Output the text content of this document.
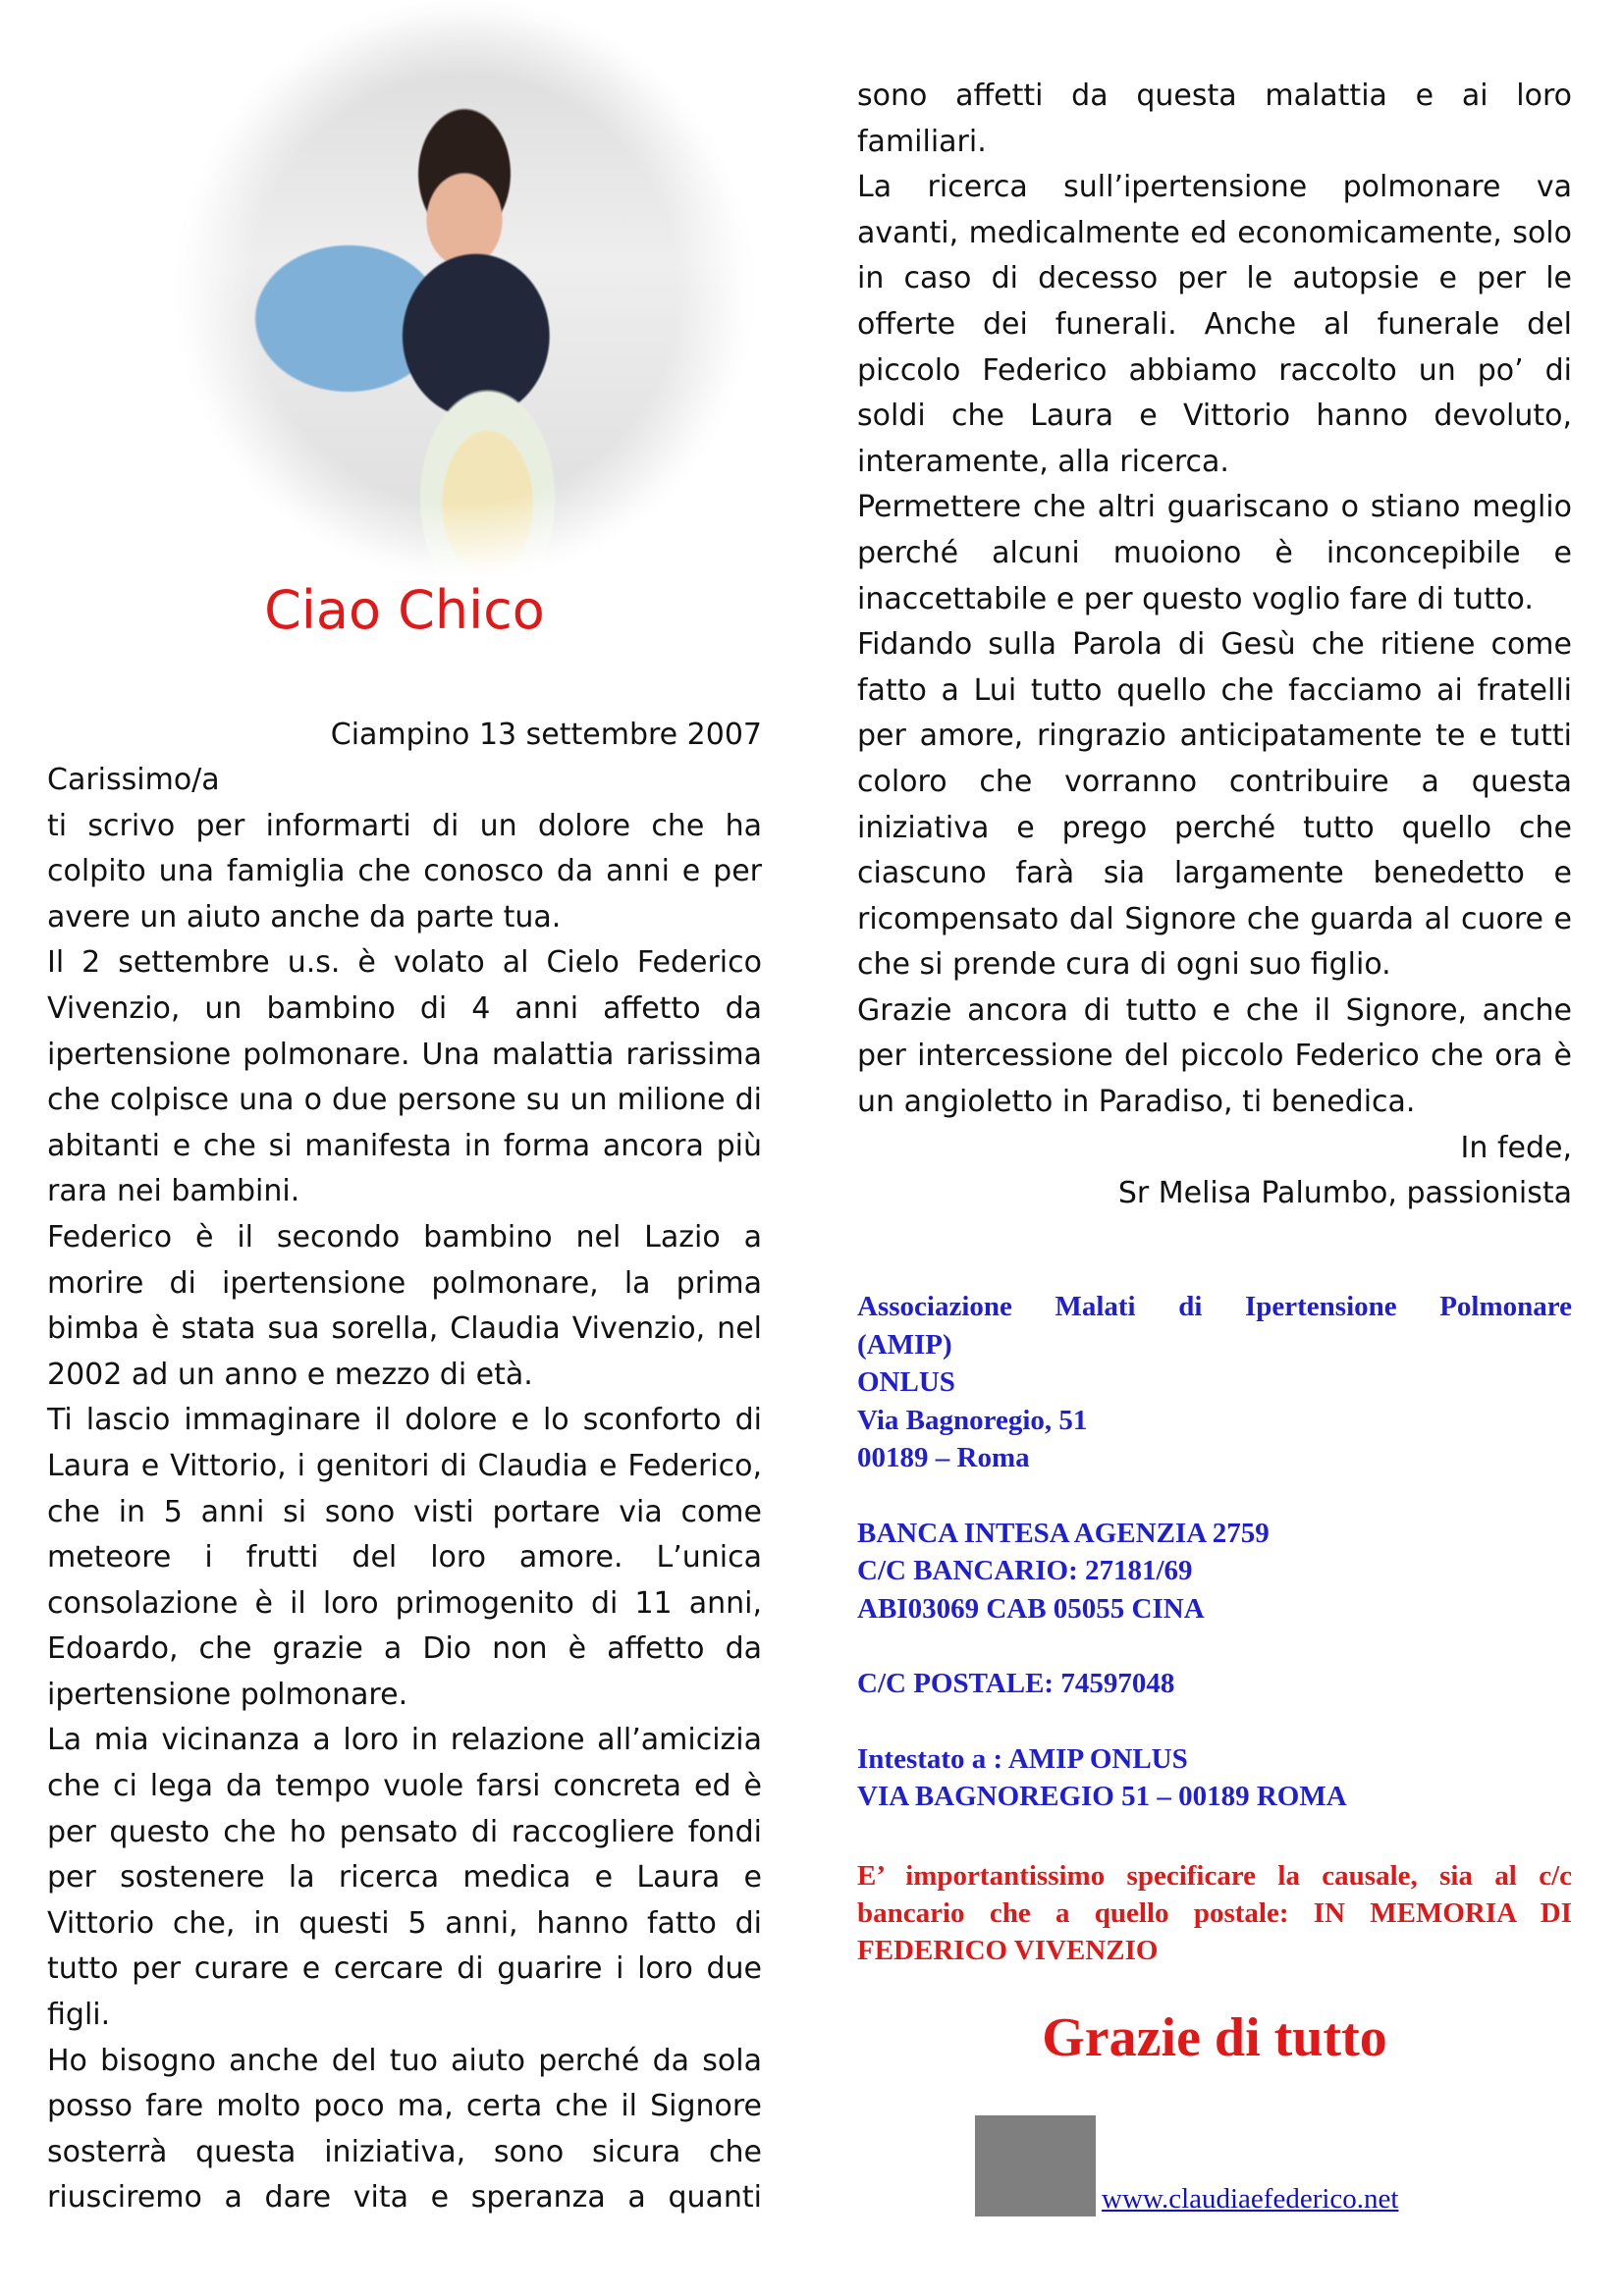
Ciao Chico
Ciampino 13 settembre 2007

Carissimo/a

ti scrivo per informarti di un dolore che ha colpito una famiglia che conosco da anni e per avere un aiuto anche da parte tua.

Il 2 settembre u.s. è volato al Cielo Federico Vivenzio, un bambino di 4 anni affetto da ipertensione polmonare. Una malattia rarissima che colpisce una o due persone su un milione di abitanti e che si manifesta in forma ancora più rara nei bambini.

Federico è il secondo bambino nel Lazio a morire di ipertensione polmonare, la prima bimba è stata sua sorella, Claudia Vivenzio, nel 2002 ad un anno e mezzo di età.

Ti lascio immaginare il dolore e lo sconforto di Laura e Vittorio, i genitori di Claudia e Federico, che in 5 anni si sono visti portare via come meteore i frutti del loro amore. L’unica consolazione è il loro primogenito di 11 anni, Edoardo, che grazie a Dio non è affetto da ipertensione polmonare.

La mia vicinanza a loro in relazione all’amicizia che ci lega da tempo vuole farsi concreta ed è per questo che ho pensato di raccogliere fondi per sostenere la ricerca medica e Laura e Vittorio che, in questi 5 anni, hanno fatto di tutto per curare e cercare di guarire i loro due figli.

Ho bisogno anche del tuo aiuto perché da sola posso fare molto poco ma, certa che il Signore sosterrà questa iniziativa, sono sicura che riusciremo a dare vita e speranza a quanti

sono affetti da questa malattia e ai loro familiari.

La ricerca sull’ipertensione polmonare va avanti, medicalmente ed economicamente, solo in caso di decesso per le autopsie e per le offerte dei funerali. Anche al funerale del piccolo Federico abbiamo raccolto un po’ di soldi che Laura e Vittorio hanno devoluto, interamente, alla ricerca.

Permettere che altri guariscano o stiano meglio perché alcuni muoiono è inconcepibile e inaccettabile e per questo voglio fare di tutto.

Fidando sulla Parola di Gesù che ritiene come fatto a Lui tutto quello che facciamo ai fratelli per amore, ringrazio anticipatamente te e tutti coloro che vorranno contribuire a questa iniziativa e prego perché tutto quello che ciascuno farà sia largamente benedetto e ricompensato dal Signore che guarda al cuore e che si prende cura di ogni suo figlio.

Grazie ancora di tutto e che il Signore, anche per intercessione del piccolo Federico che ora è un angioletto in Paradiso, ti benedica.

In fede,

Sr Melisa Palumbo, passionista

Associazione Malati di Ipertensione Polmonare
(AMIP)
ONLUS
Via Bagnoregio, 51
00189 – Roma
BANCA INTESA AGENZIA 2759
C/C BANCARIO: 27181/69
ABI03069 CAB 05055 CINA
C/C POSTALE: 74597048
Intestato a : AMIP ONLUS
VIA BAGNOREGIO 51 – 00189 ROMA
E’ importantissimo specificare la causale, sia al c/c bancario che a quello postale: IN MEMORIA DI FEDERICO VIVENZIO
Grazie di tutto
www.claudiaefederico.net
